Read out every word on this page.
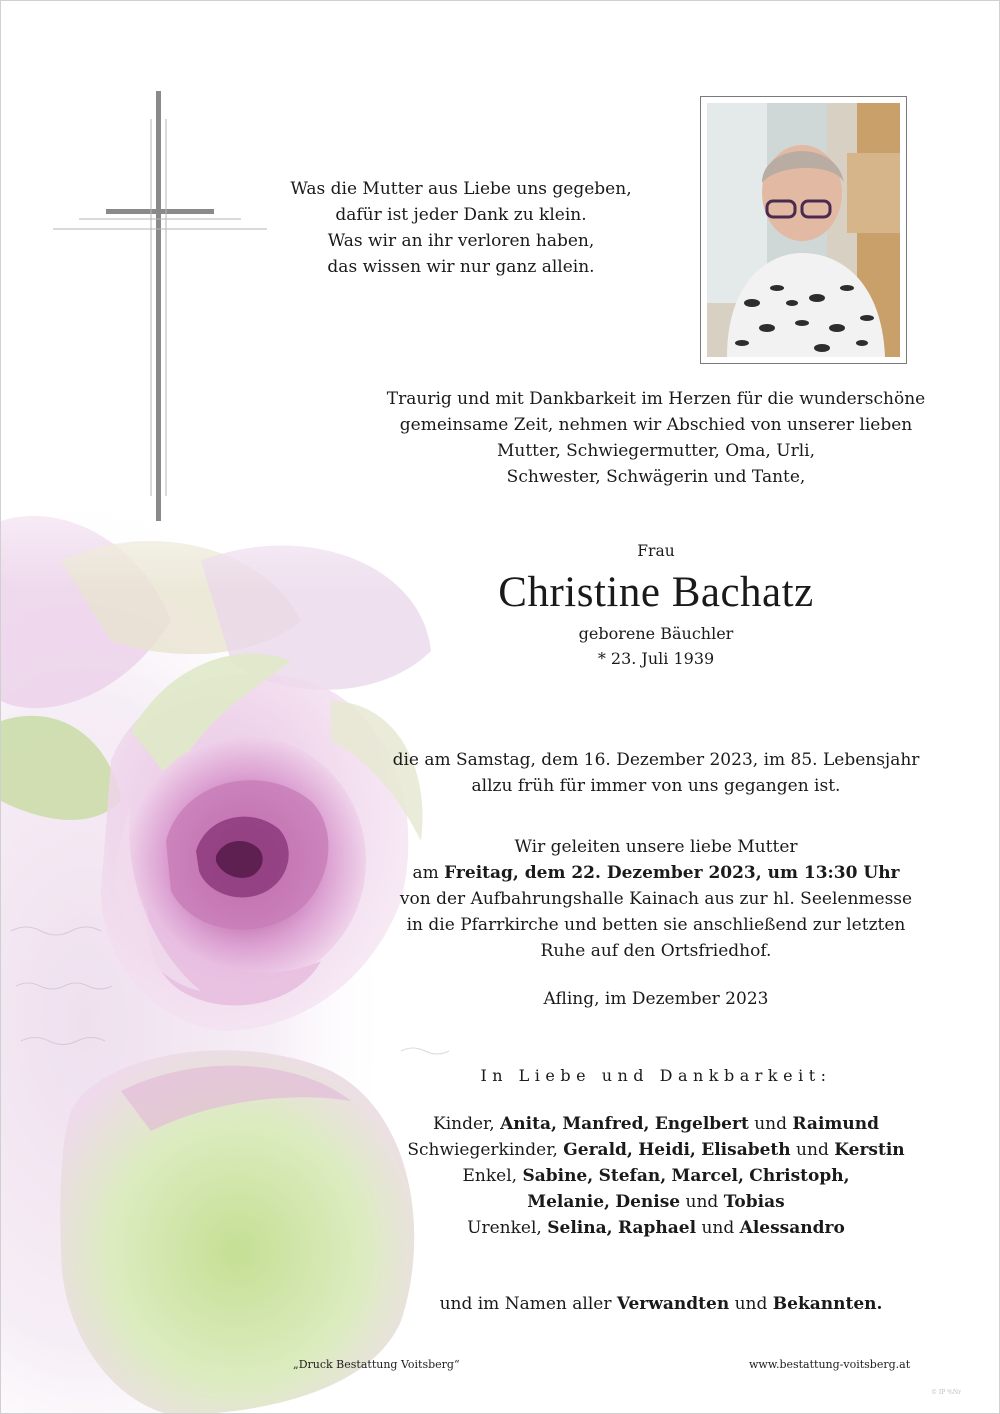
Was die Mutter aus Liebe uns gegeben,
dafür ist jeder Dank zu klein.
Was wir an ihr verloren haben,
das wissen wir nur ganz allein.
Traurig und mit Dankbarkeit im Herzen für die wunderschöne
gemeinsame Zeit, nehmen wir Abschied von unserer lieben
Mutter, Schwiegermutter, Oma, Urli,
Schwester, Schwägerin und Tante,
Frau
Christine Bachatz
geborene Bäuchler
* 23. Juli 1939
die am Samstag, dem 16. Dezember 2023, im 85. Lebensjahr
allzu früh für immer von uns gegangen ist.
Wir geleiten unsere liebe Mutter
am Freitag, dem 22. Dezember 2023, um 13:30 Uhr
von der Aufbahrungshalle Kainach aus zur hl. Seelenmesse
in die Pfarrkirche und betten sie anschließend zur letzten
Ruhe auf den Ortsfriedhof.
Afling, im Dezember 2023
In Liebe und Dankbarkeit:
Kinder, Anita, Manfred, Engelbert und Raimund
Schwiegerkinder, Gerald, Heidi, Elisabeth und Kerstin
Enkel, Sabine, Stefan, Marcel, Christoph,
Melanie, Denise und Tobias
Urenkel, Selina, Raphael und Alessandro
und im Namen aller Verwandten und Bekannten.
„Druck Bestattung Voitsberg“	www.bestattung-voitsberg.at
© IP %Nr
